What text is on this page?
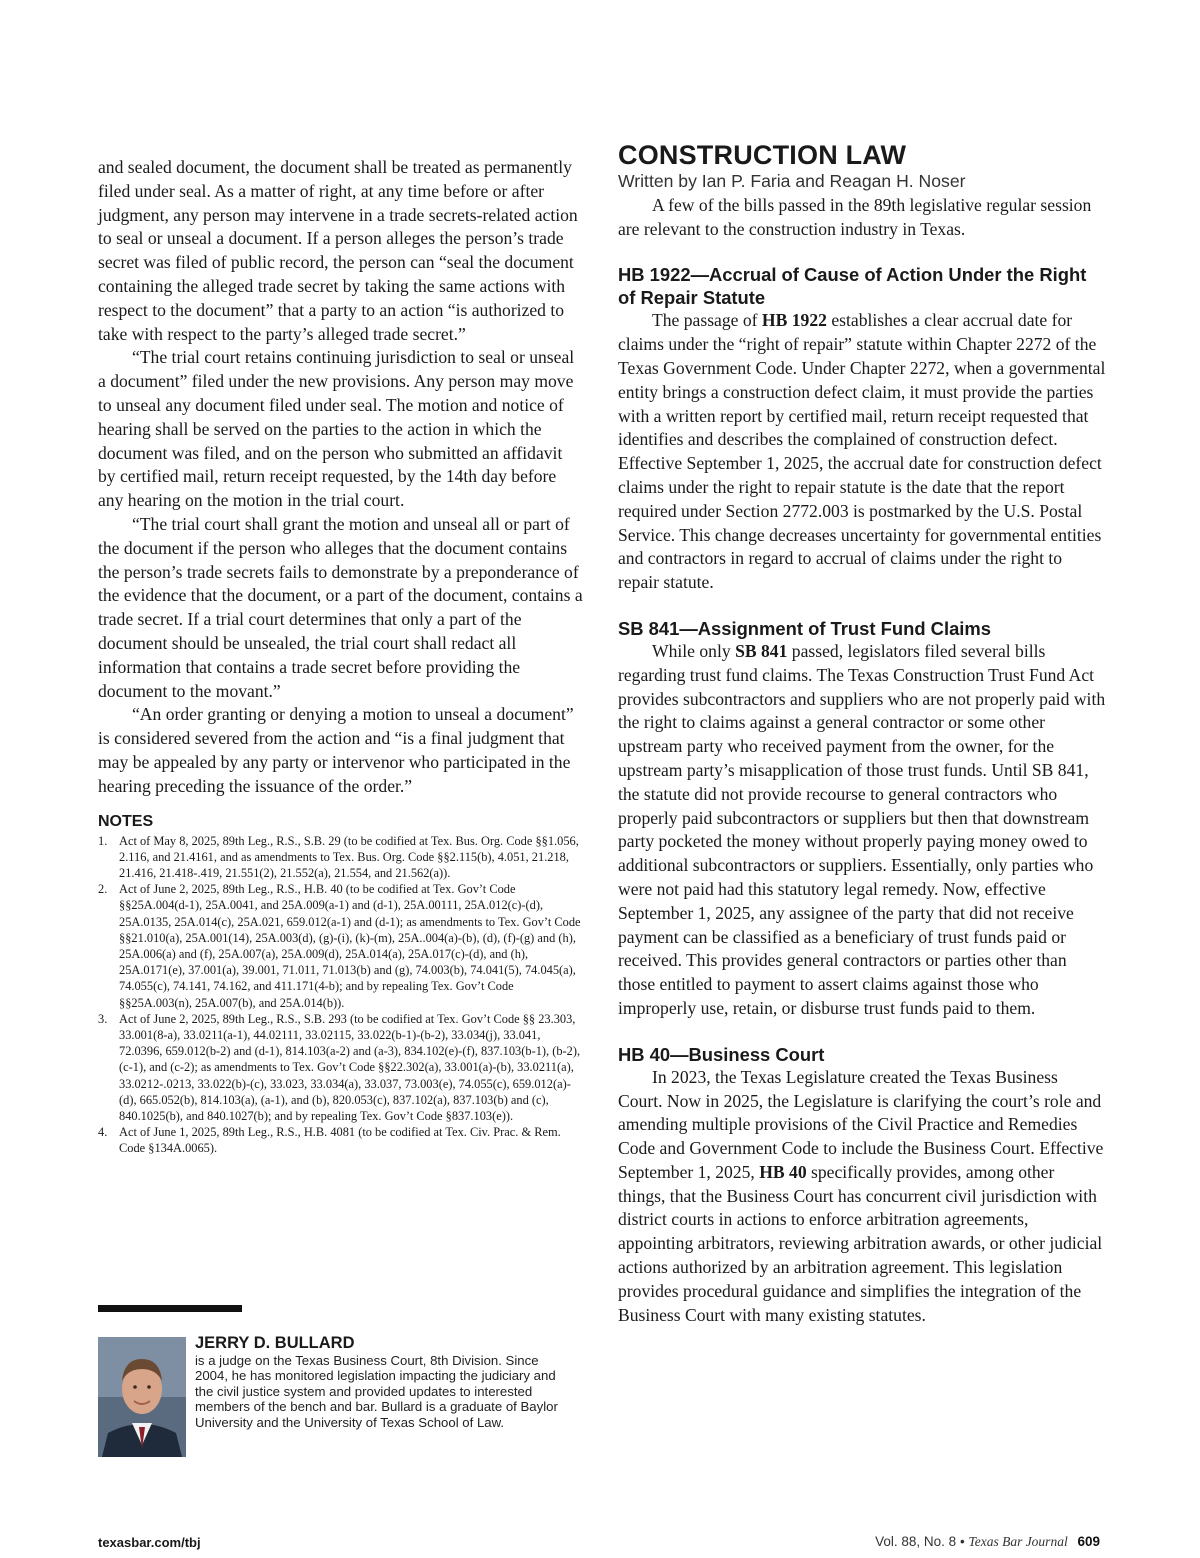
and sealed document, the document shall be treated as permanently filed under seal. As a matter of right, at any time before or after judgment, any person may intervene in a trade secrets-related action to seal or unseal a document. If a person alleges the person’s trade secret was filed of public record, the person can “seal the document containing the alleged trade secret by taking the same actions with respect to the document” that a party to an action “is authorized to take with respect to the party’s alleged trade secret.”

“The trial court retains continuing jurisdiction to seal or unseal a document” filed under the new provisions. Any person may move to unseal any document filed under seal. The motion and notice of hearing shall be served on the parties to the action in which the document was filed, and on the person who submitted an affidavit by certified mail, return receipt requested, by the 14th day before any hearing on the motion in the trial court.

“The trial court shall grant the motion and unseal all or part of the document if the person who alleges that the document contains the person’s trade secrets fails to demonstrate by a preponderance of the evidence that the document, or a part of the document, contains a trade secret. If a trial court determines that only a part of the document should be unsealed, the trial court shall redact all information that contains a trade secret before providing the document to the movant.”

“An order granting or denying a motion to unseal a document” is considered severed from the action and “is a final judgment that may be appealed by any party or intervenor who participated in the hearing preceding the issuance of the order.”

NOTES
1. Act of May 8, 2025, 89th Leg., R.S., S.B. 29 (to be codified at Tex. Bus. Org. Code §§1.056, 2.116, and 21.4161, and as amendments to Tex. Bus. Org. Code §§2.115(b), 4.051, 21.218, 21.416, 21.418-.419, 21.551(2), 21.552(a), 21.554, and 21.562(a)).
2. Act of June 2, 2025, 89th Leg., R.S., H.B. 40 (to be codified at Tex. Gov’t Code §§25A.004(d-1), 25A.0041, and 25A.009(a-1) and (d-1), 25A.00111, 25A.012(c)-(d), 25A.0135, 25A.014(c), 25A.021, 659.012(a-1) and (d-1); as amendments to Tex. Gov’t Code §§21.010(a), 25A.001(14), 25A.003(d), (g)-(i), (k)-(m), 25A..004(a)-(b), (d), (f)-(g) and (h), 25A.006(a) and (f), 25A.007(a), 25A.009(d), 25A.014(a), 25A.017(c)-(d), and (h), 25A.0171(e), 37.001(a), 39.001, 71.011, 71.013(b) and (g), 74.003(b), 74.041(5), 74.045(a), 74.055(c), 74.141, 74.162, and 411.171(4-b); and by repealing Tex. Gov’t Code §§25A.003(n), 25A.007(b), and 25A.014(b)).
3. Act of June 2, 2025, 89th Leg., R.S., S.B. 293 (to be codified at Tex. Gov’t Code §§ 23.303, 33.001(8-a), 33.0211(a-1), 44.02111, 33.02115, 33.022(b-1)-(b-2), 33.034(j), 33.041, 72.0396, 659.012(b-2) and (d-1), 814.103(a-2) and (a-3), 834.102(e)-(f), 837.103(b-1), (b-2), (c-1), and (c-2); as amendments to Tex. Gov’t Code §§22.302(a), 33.001(a)-(b), 33.0211(a), 33.0212-.0213, 33.022(b)-(c), 33.023, 33.034(a), 33.037, 73.003(e), 74.055(c), 659.012(a)-(d), 665.052(b), 814.103(a), (a-1), and (b), 820.053(c), 837.102(a), 837.103(b) and (c), 840.1025(b), and 840.1027(b); and by repealing Tex. Gov’t Code §837.103(e)).
4. Act of June 1, 2025, 89th Leg., R.S., H.B. 4081 (to be codified at Tex. Civ. Prac. & Rem. Code §134A.0065).

JERRY D. BULLARD

is a judge on the Texas Business Court, 8th Division. Since 2004, he has monitored legislation impacting the judiciary and the civil justice system and provided updates to interested members of the bench and bar. Bullard is a graduate of Baylor University and the University of Texas School of Law.

CONSTRUCTION LAW

Written by Ian P. Faria and Reagan H. Noser

A few of the bills passed in the 89th legislative regular session are relevant to the construction industry in Texas.

HB 1922—Accrual of Cause of Action Under the Right of Repair Statute

The passage of HB 1922 establishes a clear accrual date for claims under the “right of repair” statute within Chapter 2272 of the Texas Government Code. Under Chapter 2272, when a governmental entity brings a construction defect claim, it must provide the parties with a written report by certified mail, return receipt requested that identifies and describes the complained of construction defect. Effective September 1, 2025, the accrual date for construction defect claims under the right to repair statute is the date that the report required under Section 2772.003 is postmarked by the U.S. Postal Service. This change decreases uncertainty for governmental entities and contractors in regard to accrual of claims under the right to repair statute.

SB 841—Assignment of Trust Fund Claims

While only SB 841 passed, legislators filed several bills regarding trust fund claims. The Texas Construction Trust Fund Act provides subcontractors and suppliers who are not properly paid with the right to claims against a general contractor or some other upstream party who received payment from the owner, for the upstream party’s misapplication of those trust funds. Until SB 841, the statute did not provide recourse to general contractors who properly paid subcontractors or suppliers but then that downstream party pocketed the money without properly paying money owed to additional subcontractors or suppliers. Essentially, only parties who were not paid had this statutory legal remedy. Now, effective September 1, 2025, any assignee of the party that did not receive payment can be classified as a beneficiary of trust funds paid or received. This provides general contractors or parties other than those entitled to payment to assert claims against those who improperly use, retain, or disburse trust funds paid to them.

HB 40—Business Court

In 2023, the Texas Legislature created the Texas Business Court. Now in 2025, the Legislature is clarifying the court’s role and amending multiple provisions of the Civil Practice and Remedies Code and Government Code to include the Business Court. Effective September 1, 2025, HB 40 specifically provides, among other things, that the Business Court has concurrent civil jurisdiction with district courts in actions to enforce arbitration agreements, appointing arbitrators, reviewing arbitration awards, or other judicial actions authorized by an arbitration agreement. This legislation provides procedural guidance and simplifies the integration of the Business Court with many existing statutes.

texasbar.com/tbj	Vol. 88, No. 8 • Texas Bar Journal 609
